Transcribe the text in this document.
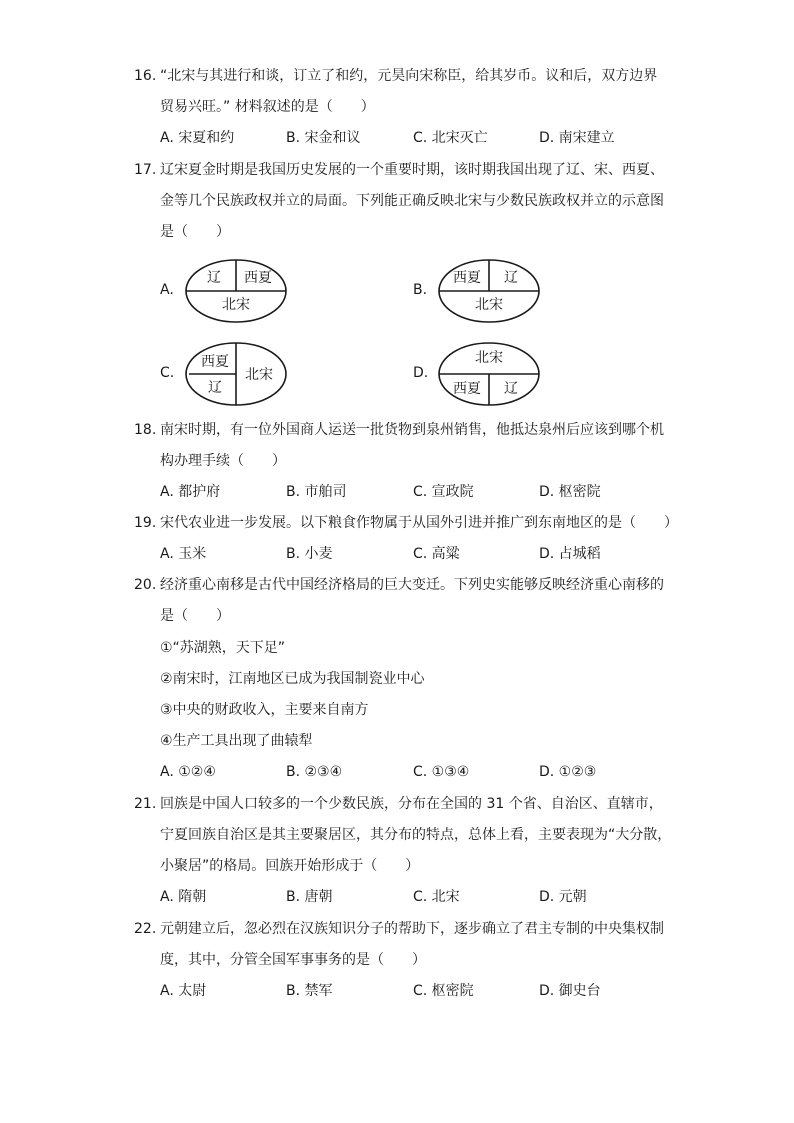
16. “北宋与其进行和谈，订立了和约，元昊向宋称臣，给其岁币。议和后，双方边界
贸易兴旺。” 材料叙述的是（　　）
A. 宋夏和约	B. 宋金和议	C. 北宋灭亡	D. 南宋建立
17. 辽宋夏金时期是我国历史发展的一个重要时期，该时期我国出现了辽、宋、西夏、
金等几个民族政权并立的局面。下列能正确反映北宋与少数民族政权并立的示意图
是（　　）
A.
辽 西夏
北宋
B.
西夏 辽
北宋
C.
西夏
辽
北宋	D.
北宋
西夏 辽
18. 南宋时期，有一位外国商人运送一批货物到泉州销售，他抵达泉州后应该到哪个机
构办理手续（　　）
A. 都护府	B. 市舶司	C. 宣政院	D. 枢密院
19. 宋代农业进一步发展。以下粮食作物属于从国外引进并推广到东南地区的是（　　）
A. 玉米	B. 小麦	C. 高粱	D. 占城稻
20. 经济重心南移是古代中国经济格局的巨大变迁。下列史实能够反映经济重心南移的
是（　　）
①“苏湖熟，天下足”
②南宋时，江南地区已成为我国制瓷业中心
③中央的财政收入，主要来自南方
④生产工具出现了曲辕犁
A. ①②④	B. ②③④	C. ①③④	D. ①②③
21. 回族是中国人口较多的一个少数民族，分布在全国的 31 个省、自治区、直辖市，
宁夏回族自治区是其主要聚居区，其分布的特点，总体上看，主要表现为“大分散，
小聚居”的格局。回族开始形成于（　　）
A. 隋朝	B. 唐朝	C. 北宋	D. 元朝
22. 元朝建立后，忽必烈在汉族知识分子的帮助下，逐步确立了君主专制的中央集权制
度，其中，分管全国军事事务的是（　　）
A. 太尉	B. 禁军	C. 枢密院	D. 御史台
